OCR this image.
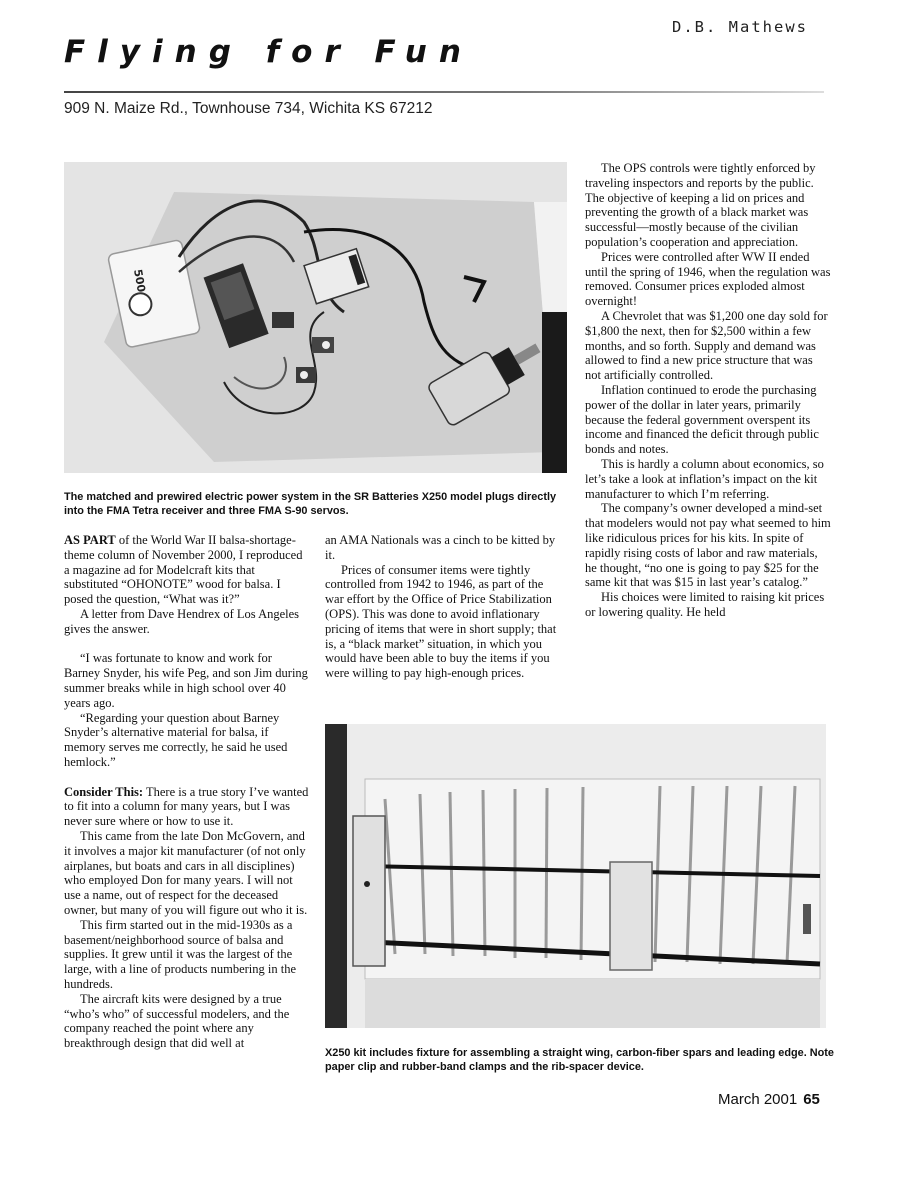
D.B. Mathews
Flying for Fun
909 N. Maize Rd., Townhouse 734, Wichita KS 67212
500
The matched and prewired electric power system in the SR Batteries X250 model plugs directly into the FMA Tetra receiver and three FMA S-90 servos.

AS PART of the World War II balsa-shortage-theme column of November 2000, I reproduced a magazine ad for Modelcraft kits that substituted “OHONOTE” wood for balsa. I posed the question, “What was it?”

A letter from Dave Hendrex of Los Angeles gives the answer.

“I was fortunate to know and work for Barney Snyder, his wife Peg, and son Jim during summer breaks while in high school over 40 years ago.

“Regarding your question about Barney Snyder’s alternative material for balsa, if memory serves me correctly, he said he used hemlock.”

Consider This: There is a true story I’ve wanted to fit into a column for many years, but I was never sure where or how to use it.

This came from the late Don McGovern, and it involves a major kit manufacturer (of not only airplanes, but boats and cars in all disciplines) who employed Don for many years. I will not use a name, out of respect for the deceased owner, but many of you will figure out who it is.

This firm started out in the mid-1930s as a basement/neighborhood source of balsa and supplies. It grew until it was the largest of the large, with a line of products numbering in the hundreds.

The aircraft kits were designed by a true “who’s who” of successful modelers, and the company reached the point where any breakthrough design that did well at

an AMA Nationals was a cinch to be kitted by it.

Prices of consumer items were tightly controlled from 1942 to 1946, as part of the war effort by the Office of Price Stabilization (OPS). This was done to avoid inflationary pricing of items that were in short supply; that is, a “black market” situation, in which you would have been able to buy the items if you were willing to pay high-enough prices.

The OPS controls were tightly enforced by traveling inspectors and reports by the public. The objective of keeping a lid on prices and preventing the growth of a black market was successful—mostly because of the civilian population’s cooperation and appreciation.

Prices were controlled after WW II ended until the spring of 1946, when the regulation was removed. Consumer prices exploded almost overnight!

A Chevrolet that was $1,200 one day sold for $1,800 the next, then for $2,500 within a few months, and so forth. Supply and demand was allowed to find a new price structure that was not artificially controlled.

Inflation continued to erode the purchasing power of the dollar in later years, primarily because the federal government overspent its income and financed the deficit through public bonds and notes.

This is hardly a column about economics, so let’s take a look at inflation’s impact on the kit manufacturer to which I’m referring.

The company’s owner developed a mind-set that modelers would not pay what seemed to him like ridiculous prices for his kits. In spite of rapidly rising costs of labor and raw materials, he thought, “no one is going to pay $25 for the same kit that was $15 in last year’s catalog.”

His choices were limited to raising kit prices or lowering quality. He held

X250 kit includes fixture for assembling a straight wing, carbon-fiber spars and leading edge. Note paper clip and rubber-band clamps and the rib-spacer device.
March 2001 65
